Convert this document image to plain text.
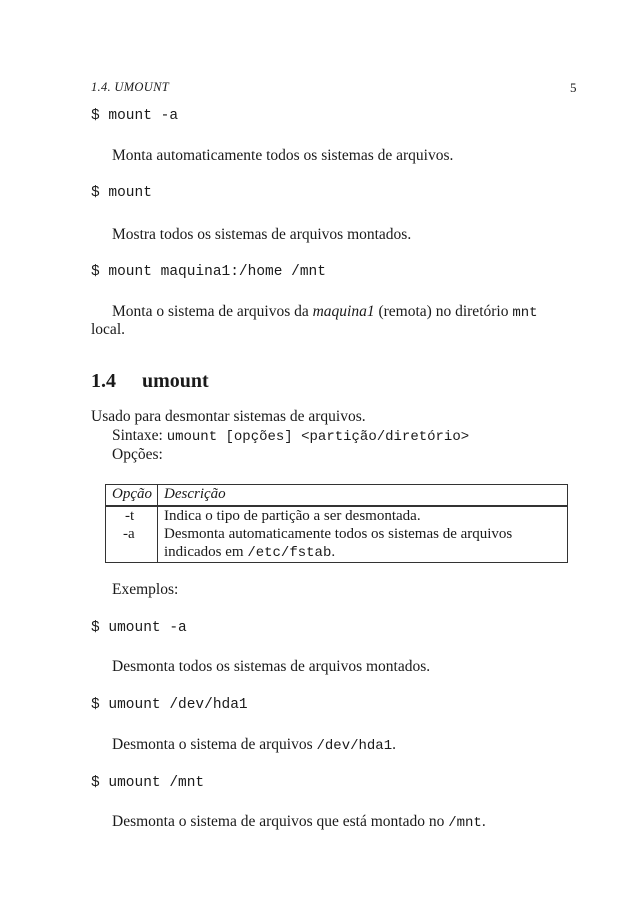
1.4. UMOUNT	5
$ mount -a
Monta automaticamente todos os sistemas de arquivos.
$ mount
Mostra todos os sistemas de arquivos montados.
$ mount maquina1:/home /mnt
Monta o sistema de arquivos da maquina1 (remota) no diretório mnt
local.
1.4 umount
Usado para desmontar sistemas de arquivos.
Sintaxe: umount [opções] <partição/diretório>
Opções:
Opção Descrição
-t Indica o tipo de partição a ser desmontada.
-a Desmonta automaticamente todos os sistemas de arquivos
indicados em /etc/fstab.
Exemplos:
$ umount -a
Desmonta todos os sistemas de arquivos montados.
$ umount /dev/hda1
Desmonta o sistema de arquivos /dev/hda1.
$ umount /mnt
Desmonta o sistema de arquivos que está montado no /mnt.
